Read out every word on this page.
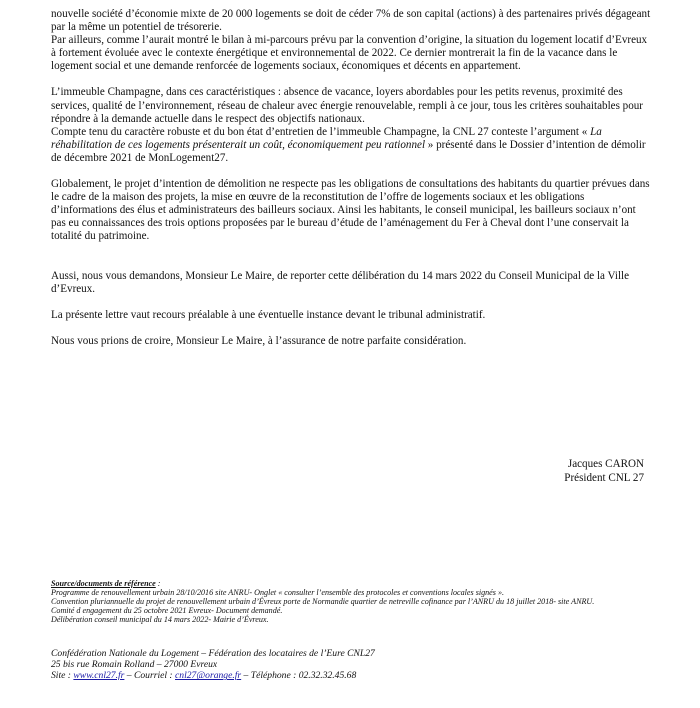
nouvelle société d’économie mixte de 20 000 logements se doit de céder 7% de son capital (actions) à des partenaires privés dégageant par la même un potentiel de trésorerie.

Par ailleurs, comme l’aurait montré le bilan à mi-parcours prévu par la convention d’origine, la situation du logement locatif d’Evreux à fortement évoluée avec le contexte énergétique et environnemental de 2022. Ce dernier montrerait la fin de la vacance dans le logement social et une demande renforcée de logements sociaux, économiques et décents en appartement.

L’immeuble Champagne, dans ces caractéristiques : absence de vacance, loyers abordables pour les petits revenus, proximité des services, qualité de l’environnement, réseau de chaleur avec énergie renouvelable, rempli à ce jour, tous les critères souhaitables pour répondre à la demande actuelle dans le respect des objectifs nationaux.

Compte tenu du caractère robuste et du bon état d’entretien de l’immeuble Champagne, la CNL 27 conteste l’argument « La réhabilitation de ces logements présenterait un coût, économiquement peu rationnel » présenté dans le Dossier d’intention de démolir de décembre 2021 de MonLogement27.

Globalement, le projet d’intention de démolition ne respecte pas les obligations de consultations des habitants du quartier prévues dans le cadre de la maison des projets, la mise en œuvre de la reconstitution de l’offre de logements sociaux et les obligations d’informations des élus et administrateurs des bailleurs sociaux. Ainsi les habitants, le conseil municipal, les bailleurs sociaux n’ont pas eu connaissances des trois options proposées par le bureau d’étude de l’aménagement du Fer à Cheval dont l’une conservait la totalité du patrimoine.

Aussi, nous vous demandons, Monsieur Le Maire, de reporter cette délibération du 14 mars 2022 du Conseil Municipal de la Ville d’Evreux.

La présente lettre vaut recours préalable à une éventuelle instance devant le tribunal administratif.

Nous vous prions de croire, Monsieur Le Maire, à l’assurance de notre parfaite considération.

Jacques CARON
Président CNL 27
Source/documents de référence :
Programme de renouvellement urbain 28/10/2016 site ANRU- Onglet « consulter l’ensemble des protocoles et conventions locales signés ».
Convention pluriannuelle du projet de renouvellement urbain d’Évreux porte de Normandie quartier de netreville cofinance par l’ANRU du 18 juillet 2018- site ANRU.
Comité d engagement du 25 octobre 2021 Evreux- Document demandé.
Délibération conseil municipal du 14 mars 2022- Mairie d’Évreux.
Confédération Nationale du Logement – Fédération des locataires de l’Eure CNL27
25 bis rue Romain Rolland – 27000 Evreux
Site : www.cnl27.fr – Courriel : cnl27@orange.fr – Téléphone : 02.32.32.45.68
